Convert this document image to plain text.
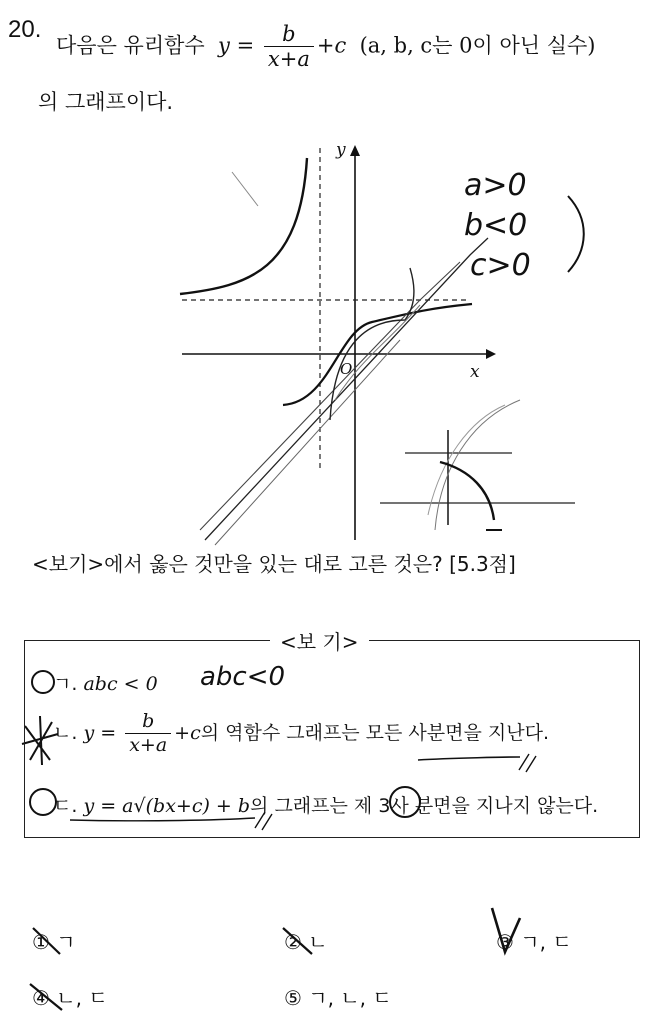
20.
다음은 유리함수 $y = \frac{b}{x+a} +c$ (a, b, c는 0이 아닌 실수)
의 그래프이다.
y
x
O
a>0
b<0
c>0
<보기>에서 옳은 것만을 있는 대로 고른 것은? [5.3점]
ㄱ. abc < 0
ㄴ. $y = \frac{b}{x+a} +c$의 역함수 그래프는 모든 사분면을 지난다.
ㄷ. y = a√(bx+c) + b의 그래프는 제 3사 분면을 지나지 않는다.
<보 기>
abc<0
① ㄱ	② ㄴ	③ ㄱ, ㄷ
④ ㄴ, ㄷ	⑤ ㄱ, ㄴ, ㄷ
